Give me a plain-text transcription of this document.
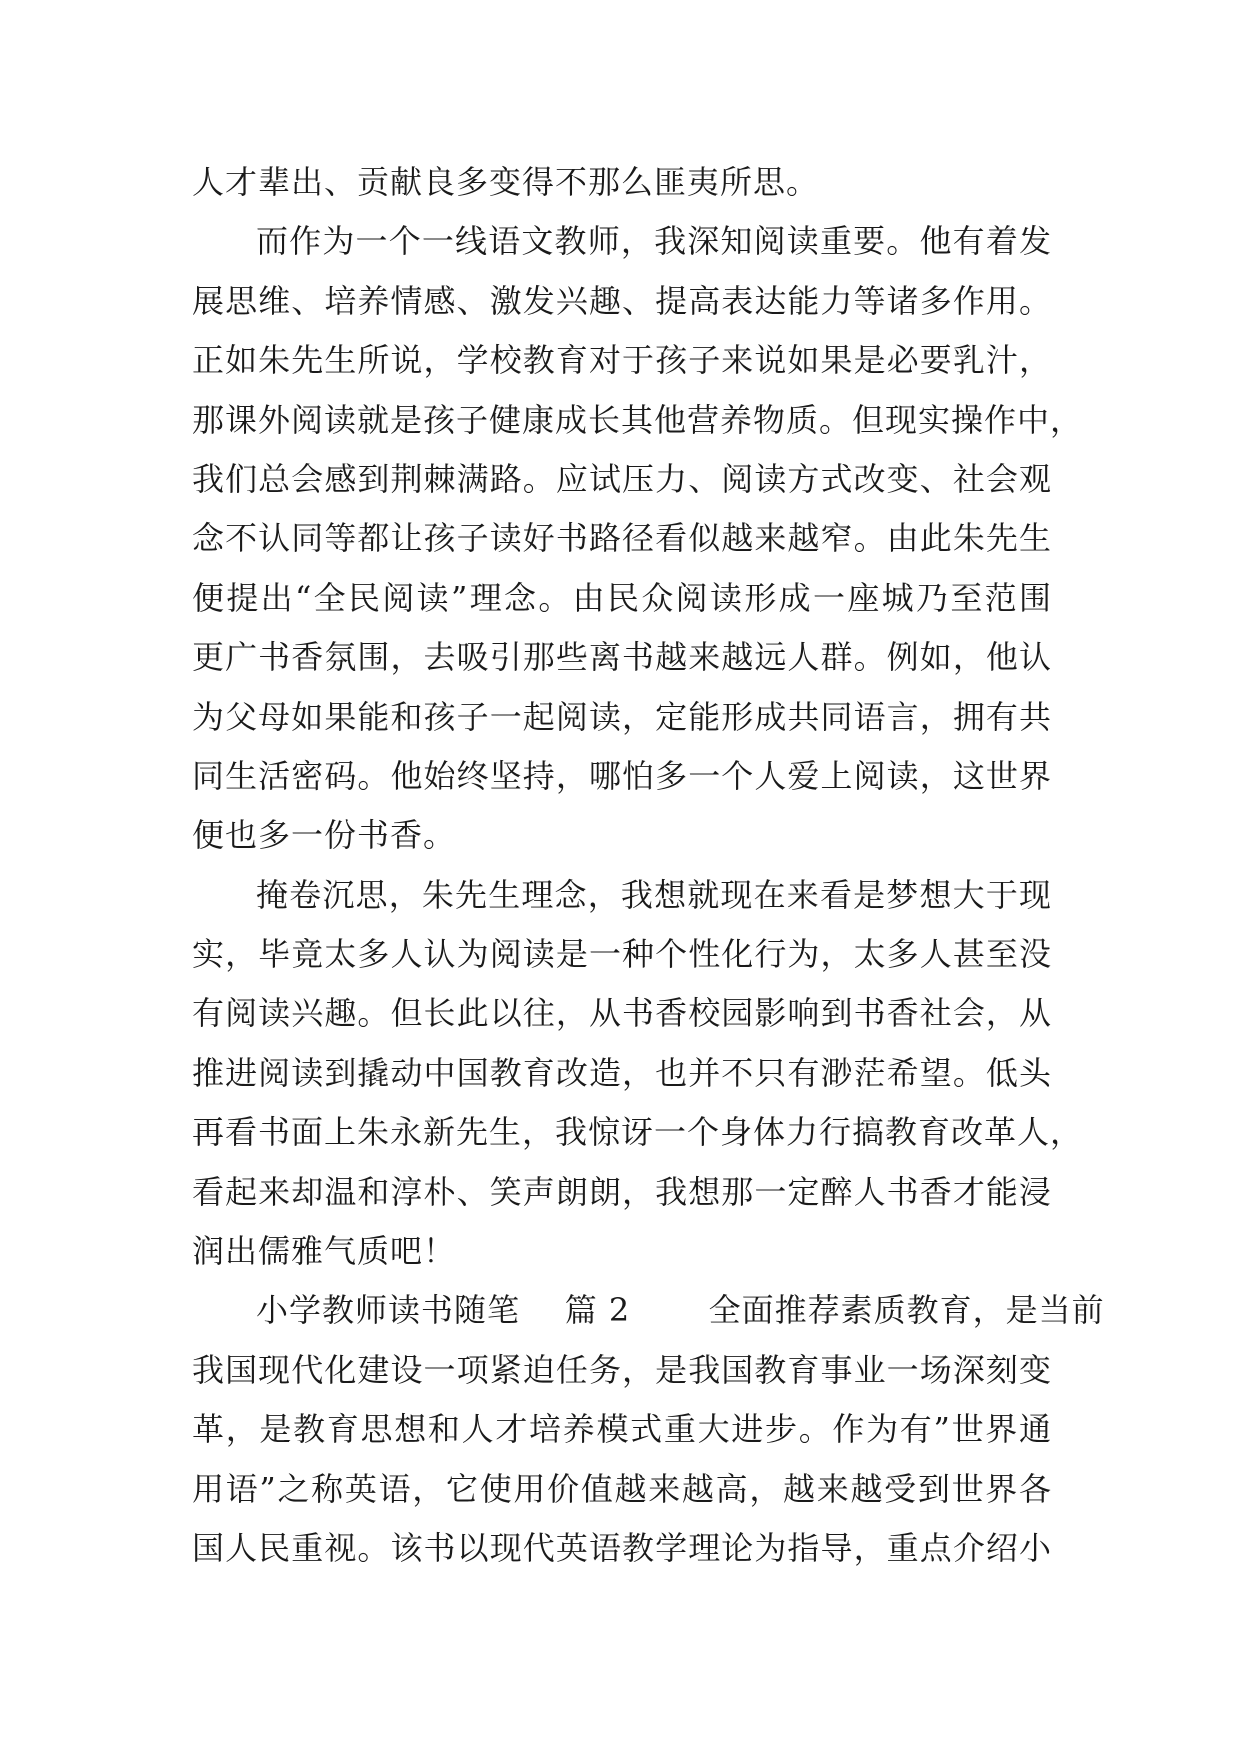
人才辈出、贡献良多变得不那么匪夷所思。
而作为一个一线语文教师，我深知阅读重要。他有着发
展思维、培养情感、激发兴趣、提高表达能力等诸多作用。
正如朱先生所说，学校教育对于孩子来说如果是必要乳汁，
那课外阅读就是孩子健康成长其他营养物质。但现实操作中，
我们总会感到荆棘满路。应试压力、阅读方式改变、社会观
念不认同等都让孩子读好书路径看似越来越窄。由此朱先生
便提出“全民阅读”理念。由民众阅读形成一座城乃至范围
更广书香氛围，去吸引那些离书越来越远人群。例如，他认
为父母如果能和孩子一起阅读，定能形成共同语言，拥有共
同生活密码。他始终坚持，哪怕多一个人爱上阅读，这世界
便也多一份书香。
掩卷沉思，朱先生理念，我想就现在来看是梦想大于现
实，毕竟太多人认为阅读是一种个性化行为，太多人甚至没
有阅读兴趣。但长此以往，从书香校园影响到书香社会，从
推进阅读到撬动中国教育改造，也并不只有渺茫希望。低头
再看书面上朱永新先生，我惊讶一个身体力行搞教育改革人，
看起来却温和淳朴、笑声朗朗，我想那一定醉人书香才能浸
润出儒雅气质吧！
小学教师读书随笔 篇 2 全面推荐素质教育，是当前
我国现代化建设一项紧迫任务，是我国教育事业一场深刻变
革，是教育思想和人才培养模式重大进步。作为有”世界通
用语”之称英语，它使用价值越来越高，越来越受到世界各
国人民重视。该书以现代英语教学理论为指导，重点介绍小
